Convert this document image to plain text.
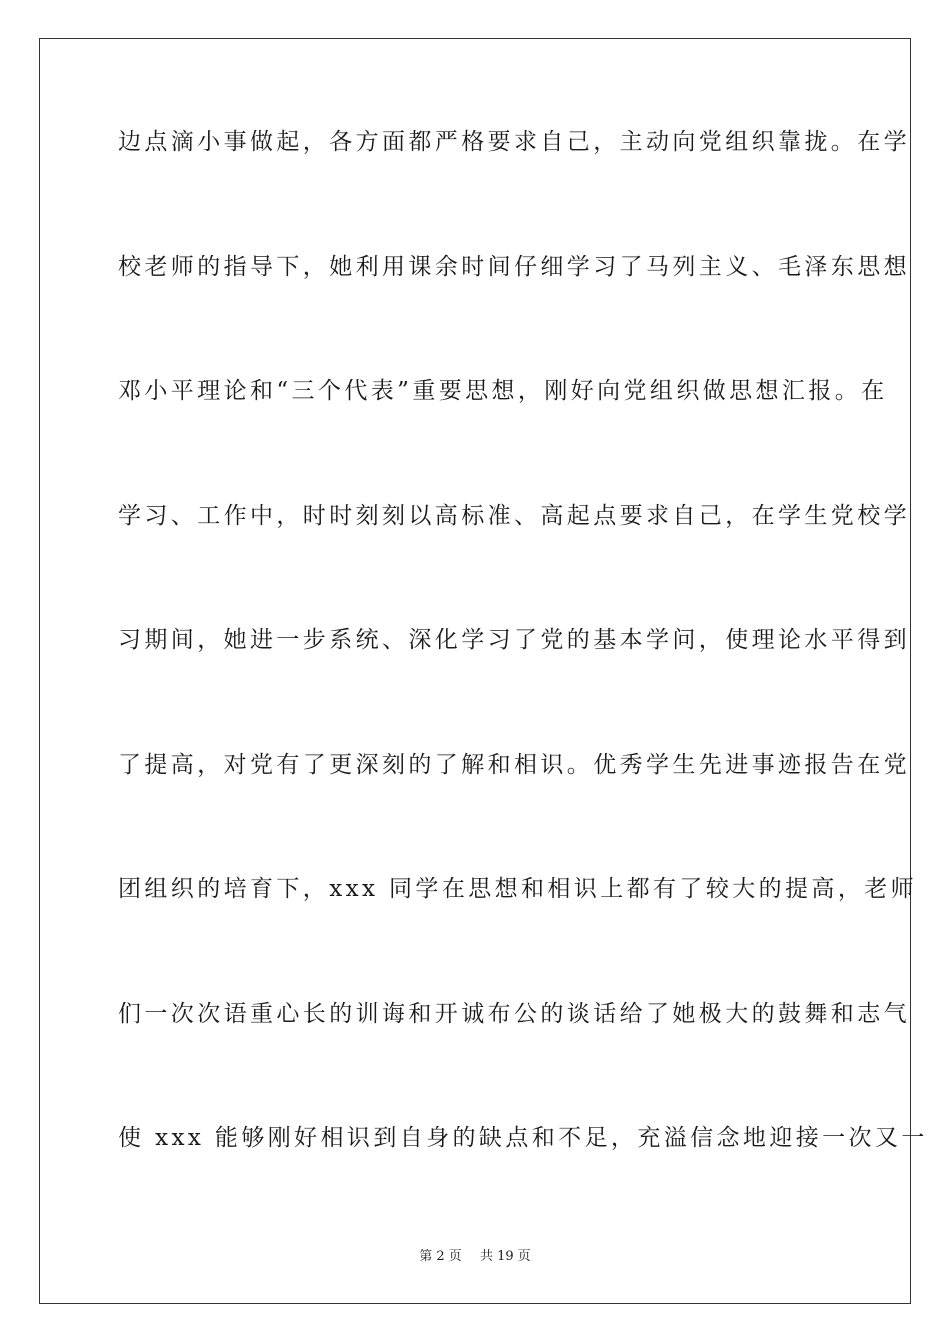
边点滴小事做起，各方面都严格要求自己，主动向党组织靠拢。在学
校老师的指导下，她利用课余时间仔细学习了马列主义、毛泽东思想
邓小平理论和“三个代表”重要思想，刚好向党组织做思想汇报。在
学习、工作中，时时刻刻以高标准、高起点要求自己，在学生党校学
习期间，她进一步系统、深化学习了党的基本学问，使理论水平得到
了提高，对党有了更深刻的了解和相识。优秀学生先进事迹报告在党
团组织的培育下，xxx 同学在思想和相识上都有了较大的提高，老师
们一次次语重心长的训诲和开诚布公的谈话给了她极大的鼓舞和志气
使 xxx 能够刚好相识到自身的缺点和不足，充溢信念地迎接一次又一
第 2 页 共 19 页
